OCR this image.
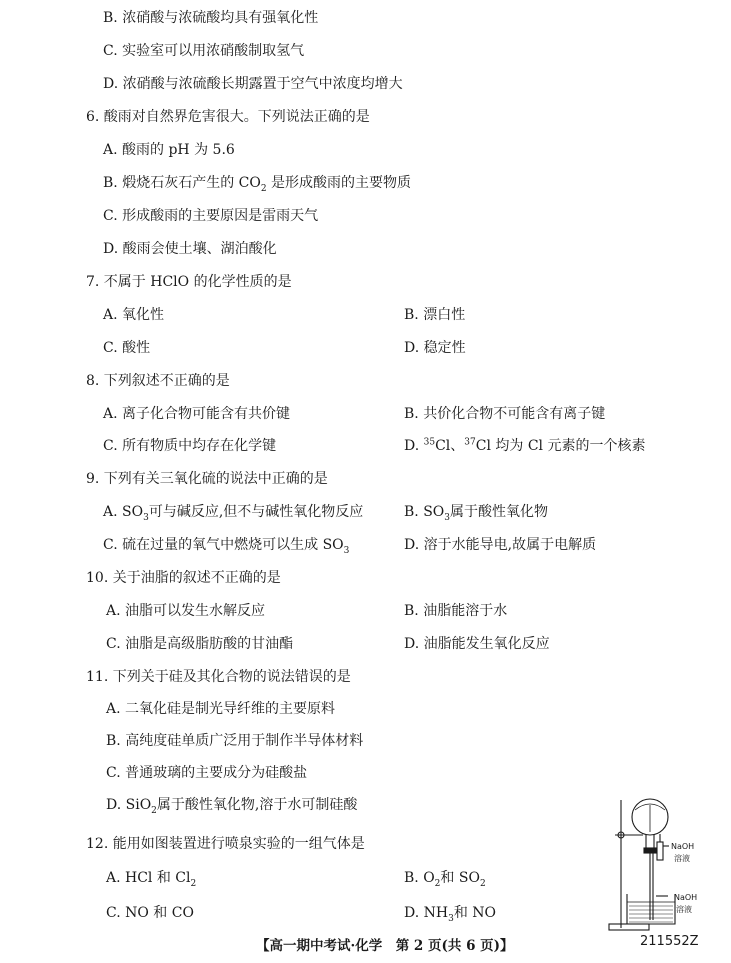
B. 浓硝酸与浓硫酸均具有强氧化性
C. 实验室可以用浓硝酸制取氢气
D. 浓硝酸与浓硫酸长期露置于空气中浓度均增大
6. 酸雨对自然界危害很大。下列说法正确的是
A. 酸雨的 pH 为 5.6
B. 煅烧石灰石产生的 $CO_2$ 是形成酸雨的主要物质
C. 形成酸雨的主要原因是雷雨天气
D. 酸雨会使土壤、湖泊酸化
7. 不属于 HClO 的化学性质的是
A. 氧化性	B. 漂白性
C. 酸性	D. 稳定性
8. 下列叙述不正确的是
A. 离子化合物可能含有共价键	B. 共价化合物不可能含有离子键
C. 所有物质中均存在化学键	D. $^{35}$Cl、$^{37}$Cl 均为 Cl 元素的一个核素
9. 下列有关三氧化硫的说法中正确的是
A. $SO_3$可与碱反应,但不与碱性氧化物反应	B. $SO_3$属于酸性氧化物
C. 硫在过量的氧气中燃烧可以生成 $SO_3$	D. 溶于水能导电,故属于电解质
10. 关于油脂的叙述不正确的是
A. 油脂可以发生水解反应	B. 油脂能溶于水
C. 油脂是高级脂肪酸的甘油酯	D. 油脂能发生氧化反应
11. 下列关于硅及其化合物的说法错误的是
A. 二氧化硅是制光导纤维的主要原料
B. 高纯度硅单质广泛用于制作半导体材料
C. 普通玻璃的主要成分为硅酸盐
D. SiO$_2$属于酸性氧化物,溶于水可制硅酸
12. 能用如图装置进行喷泉实验的一组气体是
A. HCl 和 $Cl_2$	B. $O_2$和 $SO_2$
C. NO 和 CO	D. $NH_3$和 NO
NaOH
溶液
NaOH
溶液
【高一期中考试·化学　第 2 页(共 6 页)】	211552Z
